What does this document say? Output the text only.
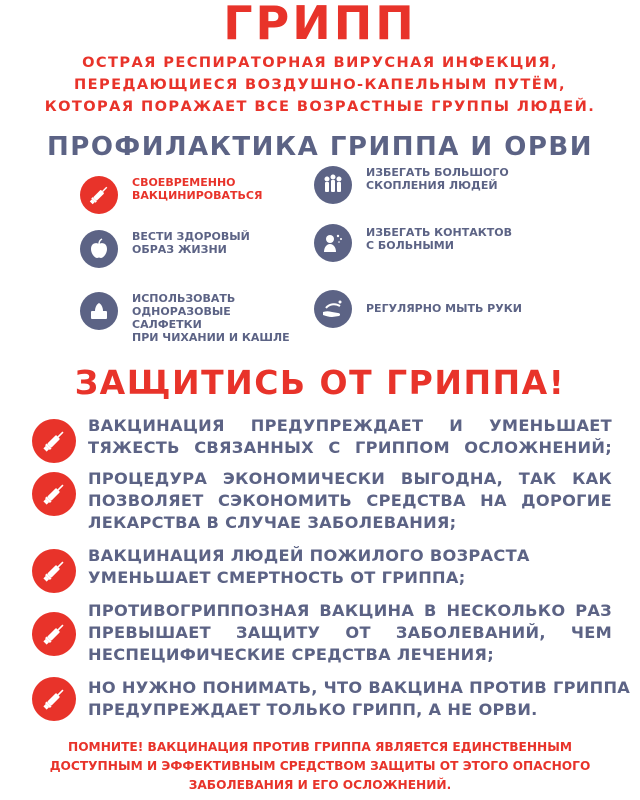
ГРИПП
ОСТРАЯ РЕСПИРАТОРНАЯ ВИРУСНАЯ ИНФЕКЦИЯ,
ПЕРЕДАЮЩИЕСЯ ВОЗДУШНО-КАПЕЛЬНЫМ ПУТЁМ,
КОТОРАЯ ПОРАЖАЕТ ВСЕ ВОЗРАСТНЫЕ ГРУППЫ ЛЮДЕЙ.
ПРОФИЛАКТИКА ГРИППА И ОРВИ
СВОЕВРЕМЕННО
ВАКЦИНИРОВАТЬСЯ
ИЗБЕГАТЬ БОЛЬШОГО
СКОПЛЕНИЯ ЛЮДЕЙ
ВЕСТИ ЗДОРОВЫЙ
ОБРАЗ ЖИЗНИ
ИЗБЕГАТЬ КОНТАКТОВ
С БОЛЬНЫМИ
ИСПОЛЬЗОВАТЬ
ОДНОРАЗОВЫЕ
САЛФЕТКИ
ПРИ ЧИХАНИИ И КАШЛЕ
РЕГУЛЯРНО МЫТЬ РУКИ
ЗАЩИТИСЬ ОТ ГРИППА!
ВАКЦИНАЦИЯ ПРЕДУПРЕЖДАЕТ И УМЕНЬШАЕТ
ТЯЖЕСТЬ СВЯЗАННЫХ С ГРИППОМ ОСЛОЖНЕНИЙ;
ПРОЦЕДУРА ЭКОНОМИЧЕСКИ ВЫГОДНА, ТАК КАК
ПОЗВОЛЯЕТ СЭКОНОМИТЬ СРЕДСТВА НА ДОРОГИЕ
ЛЕКАРСТВА В СЛУЧАЕ ЗАБОЛЕВАНИЯ;
ВАКЦИНАЦИЯ ЛЮДЕЙ ПОЖИЛОГО ВОЗРАСТА
УМЕНЬШАЕТ СМЕРТНОСТЬ ОТ ГРИППА;
ПРОТИВОГРИППОЗНАЯ ВАКЦИНА В НЕСКОЛЬКО РАЗ
ПРЕВЫШАЕТ ЗАЩИТУ ОТ ЗАБОЛЕВАНИЙ, ЧЕМ
НЕСПЕЦИФИЧЕСКИЕ СРЕДСТВА ЛЕЧЕНИЯ;
НО НУЖНО ПОНИМАТЬ, ЧТО ВАКЦИНА ПРОТИВ ГРИППА
ПРЕДУПРЕЖДАЕТ ТОЛЬКО ГРИПП, А НЕ ОРВИ.
ПОМНИТЕ! ВАКЦИНАЦИЯ ПРОТИВ ГРИППА ЯВЛЯЕТСЯ ЕДИНСТВЕННЫМ
ДОСТУПНЫМ И ЭФФЕКТИВНЫМ СРЕДСТВОМ ЗАЩИТЫ ОТ ЭТОГО ОПАСНОГО
ЗАБОЛЕВАНИЯ И ЕГО ОСЛОЖНЕНИЙ.
